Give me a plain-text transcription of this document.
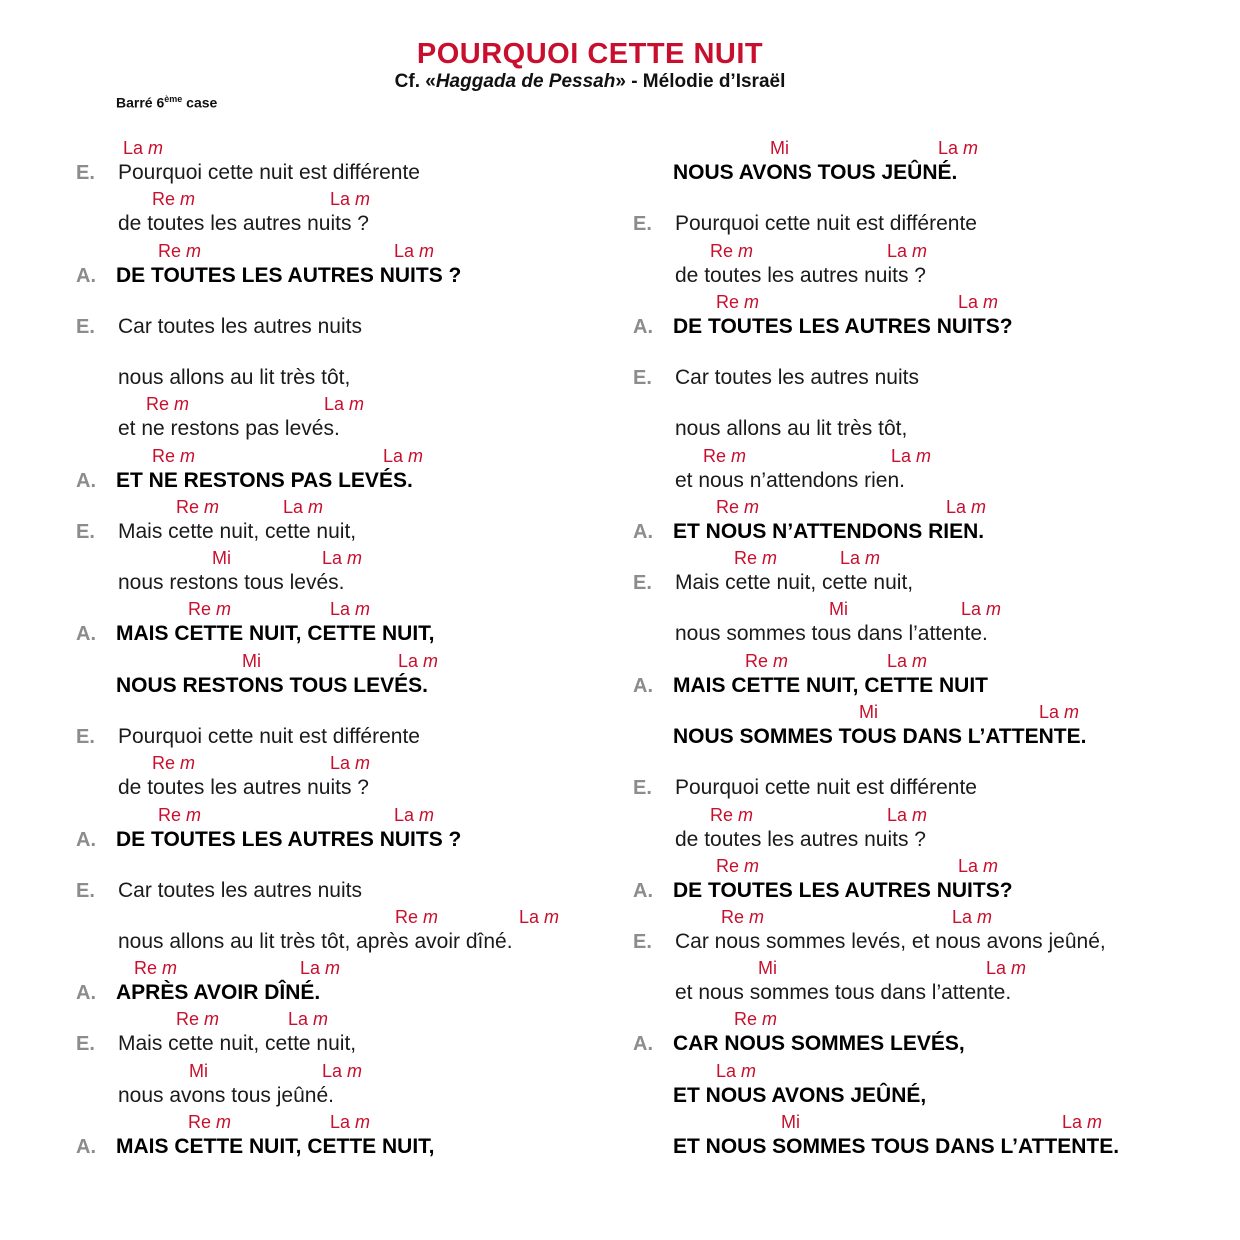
POURQUOI CETTE NUIT
Cf. «Haggada de Pessah» - Mélodie d’Israël
Barré 6ème case
E. Pourquoi cette nuit est différente
La m
de toutes les autres nuits ?
Re m	La m
A. DE TOUTES LES AUTRES NUITS ?
Re m	La m
E. Car toutes les autres nuits
nous allons au lit très tôt,
et ne restons pas levés.
Re m	La m
A. ET NE RESTONS PAS LEVÉS.
Re m	La m
E. Mais cette nuit, cette nuit,
Re m	La m
nous restons tous levés.
Mi	La m
A. MAIS CETTE NUIT, CETTE NUIT,
Re m	La m
NOUS RESTONS TOUS LEVÉS.
Mi	La m
E. Pourquoi cette nuit est différente
de toutes les autres nuits ?
Re m	La m
A. DE TOUTES LES AUTRES NUITS ?
Re m	La m
E. Car toutes les autres nuits
nous allons au lit très tôt, après avoir dîné.
Re m	La m
A. APRÈS AVOIR DÎNÉ.
Re m	La m
E. Mais cette nuit, cette nuit,
Re m	La m
nous avons tous jeûné.
Mi	La m
A. MAIS CETTE NUIT, CETTE NUIT,
Re m	La m
NOUS AVONS TOUS JEÛNÉ.
Mi	La m
E. Pourquoi cette nuit est différente
de toutes les autres nuits ?
Re m	La m
A. DE TOUTES LES AUTRES NUITS?
Re m	La m
E. Car toutes les autres nuits
nous allons au lit très tôt,
et nous n’attendons rien.
Re m	La m
A. ET NOUS N’ATTENDONS RIEN.
Re m	La m
E. Mais cette nuit, cette nuit,
Re m	La m
nous sommes tous dans l’attente.
Mi	La m
A. MAIS CETTE NUIT, CETTE NUIT
Re m	La m
NOUS SOMMES TOUS DANS L’ATTENTE.
Mi	La m
E. Pourquoi cette nuit est différente
de toutes les autres nuits ?
Re m	La m
A. DE TOUTES LES AUTRES NUITS?
Re m	La m
E. Car nous sommes levés, et nous avons jeûné,
Re m	La m
et nous sommes tous dans l’attente.
Mi	La m
A. CAR NOUS SOMMES LEVÉS,
Re m
ET NOUS AVONS JEÛNÉ,
La m
ET NOUS SOMMES TOUS DANS L’ATTENTE.
Mi	La m
